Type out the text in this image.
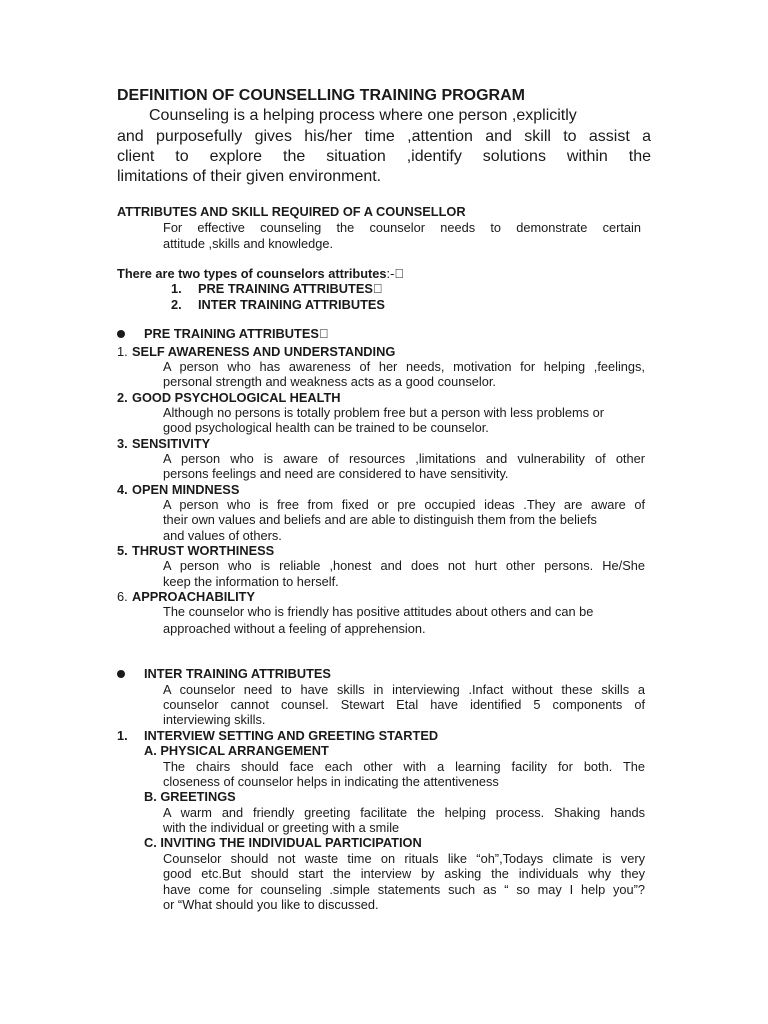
DEFINITION OF COUNSELLING TRAINING PROGRAM
Counseling is a helping process where one person ,explicitly
and purposefully gives his/her time ,attention and skill to assist a
client to explore the situation ,identify solutions within the
limitations of their given environment.
ATTRIBUTES AND SKILL REQUIRED OF A COUNSELLOR
For effective counseling the counselor needs to demonstrate certain
attitude ,skills and knowledge.
There are two types of counselors attributes:-
1. PRE TRAINING ATTRIBUTES
2. INTER TRAINING ATTRIBUTES
PRE TRAINING ATTRIBUTES
1. SELF AWARENESS AND UNDERSTANDING
A person who has awareness of her needs, motivation for helping ,feelings,
personal strength and weakness acts as a good counselor.
2. GOOD PSYCHOLOGICAL HEALTH
Although no persons is totally problem free but a person with less problems or
good psychological health can be trained to be counselor.
3. SENSITIVITY
A person who is aware of resources ,limitations and vulnerability of other
persons feelings and need are considered to have sensitivity.
4. OPEN MINDNESS
A person who is free from fixed or pre occupied ideas .They are aware of
their own values and beliefs and are able to distinguish them from the beliefs
and values of others.
5. THRUST WORTHINESS
A person who is reliable ,honest and does not hurt other persons. He/She
keep the information to herself.
6. APPROACHABILITY
The counselor who is friendly has positive attitudes about others and can be
approached without a feeling of apprehension.
INTER TRAINING ATTRIBUTES
A counselor need to have skills in interviewing .Infact without these skills a
counselor cannot counsel. Stewart Etal have identified 5 components of
interviewing skills.
1. INTERVIEW SETTING AND GREETING STARTED
A. PHYSICAL ARRANGEMENT
The chairs should face each other with a learning facility for both. The
closeness of counselor helps in indicating the attentiveness
B. GREETINGS
A warm and friendly greeting facilitate the helping process. Shaking hands
with the individual or greeting with a smile
C. INVITING THE INDIVIDUAL PARTICIPATION
Counselor should not waste time on rituals like “oh”,Todays climate is very
good etc.But should start the interview by asking the individuals why they
have come for counseling .simple statements such as “ so may I help you”?
or “What should you like to discussed.
